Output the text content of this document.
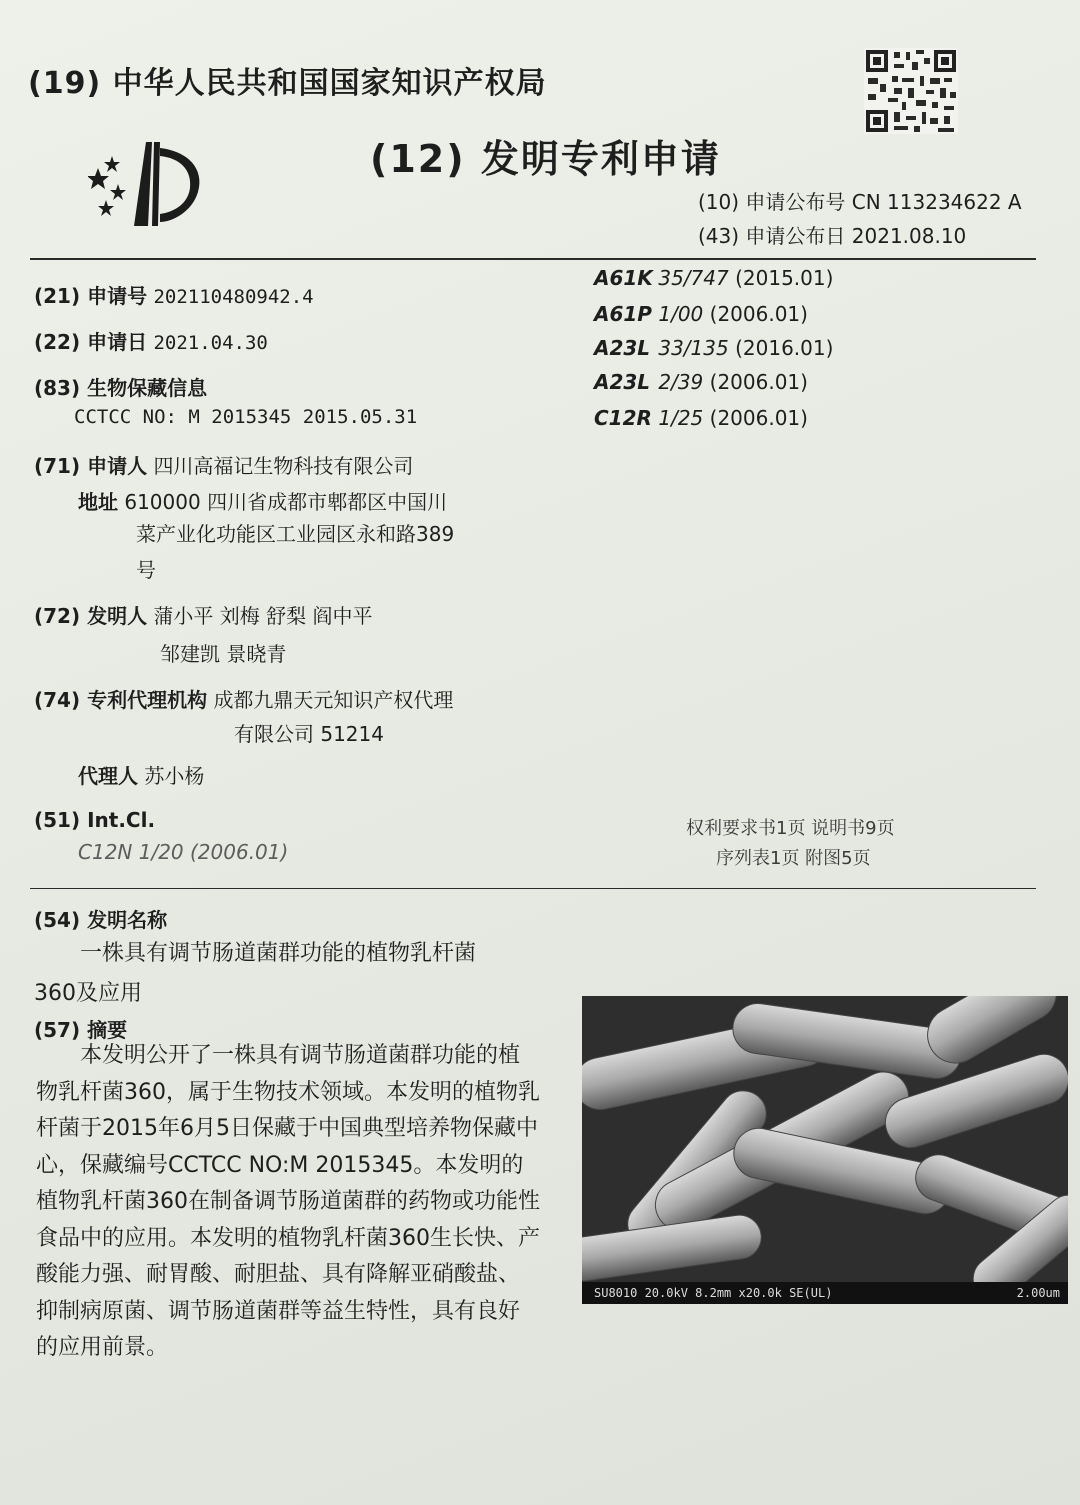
(19) 中华人民共和国国家知识产权局
(12) 发明专利申请
(10) 申请公布号 CN 113234622 A
(43) 申请公布日 2021.08.10
(21) 申请号 202110480942.4
(22) 申请日 2021.04.30
(83) 生物保藏信息
CCTCC NO: M 2015345 2015.05.31
(71) 申请人 四川高福记生物科技有限公司
地址 610000 四川省成都市郫都区中国川
菜产业化功能区工业园区永和路389
号
(72) 发明人 蒲小平 刘梅 舒梨 阎中平
邹建凯 景晓青
(74) 专利代理机构 成都九鼎天元知识产权代理
有限公司 51214
代理人 苏小杨
(51) Int.Cl.
C12N 1/20 (2006.01)
A61K 35/747 (2015.01)
A61P 1/00 (2006.01)
A23L 33/135 (2016.01)
A23L 2/39 (2006.01)
C12R 1/25 (2006.01)
权利要求书1页 说明书9页
序列表1页 附图5页
(54) 发明名称
一株具有调节肠道菌群功能的植物乳杆菌
360及应用
(57) 摘要
本发明公开了一株具有调节肠道菌群功能的植物乳杆菌360，属于生物技术领域。本发明的植物乳杆菌于2015年6月5日保藏于中国典型培养物保藏中心，保藏编号CCTCC NO:M 2015345。本发明的植物乳杆菌360在制备调节肠道菌群的药物或功能性食品中的应用。本发明的植物乳杆菌360生长快、产酸能力强、耐胃酸、耐胆盐、具有降解亚硝酸盐、抑制病原菌、调节肠道菌群等益生特性，具有良好的应用前景。
SU8010 20.0kV 8.2mm x20.0k SE(UL)	2.00um
